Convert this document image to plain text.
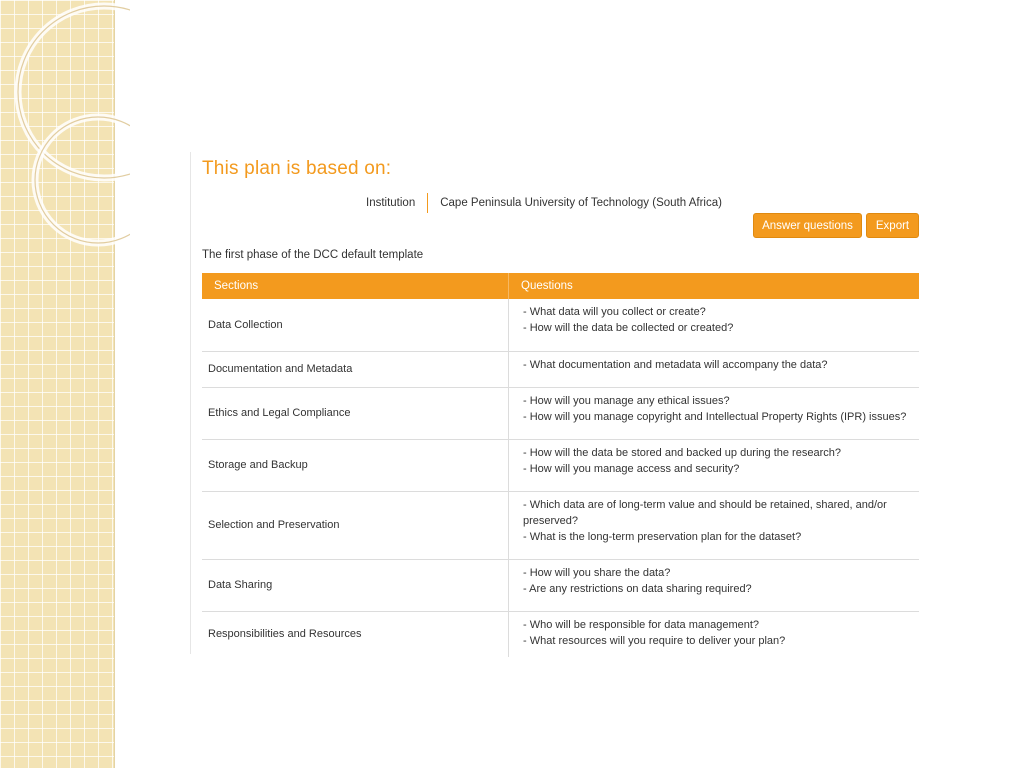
This plan is based on:
Institution	Cape Peninsula University of Technology (South Africa)
Answer questions	Export
The first phase of the DCC default template
Sections	Questions
Data Collection	- What data will you collect or create?
- How will the data be collected or created?

Documentation and Metadata	- What documentation and metadata will accompany the data?

Ethics and Legal Compliance	- How will you manage any ethical issues?
- How will you manage copyright and Intellectual Property Rights (IPR) issues?

Storage and Backup	- How will the data be stored and backed up during the research?
- How will you manage access and security?

Selection and Preservation	- Which data are of long-term value and should be retained, shared, and/or preserved?
- What is the long-term preservation plan for the dataset?

Data Sharing	- How will you share the data?
- Are any restrictions on data sharing required?

Responsibilities and Resources	- Who will be responsible for data management?
- What resources will you require to deliver your plan?
